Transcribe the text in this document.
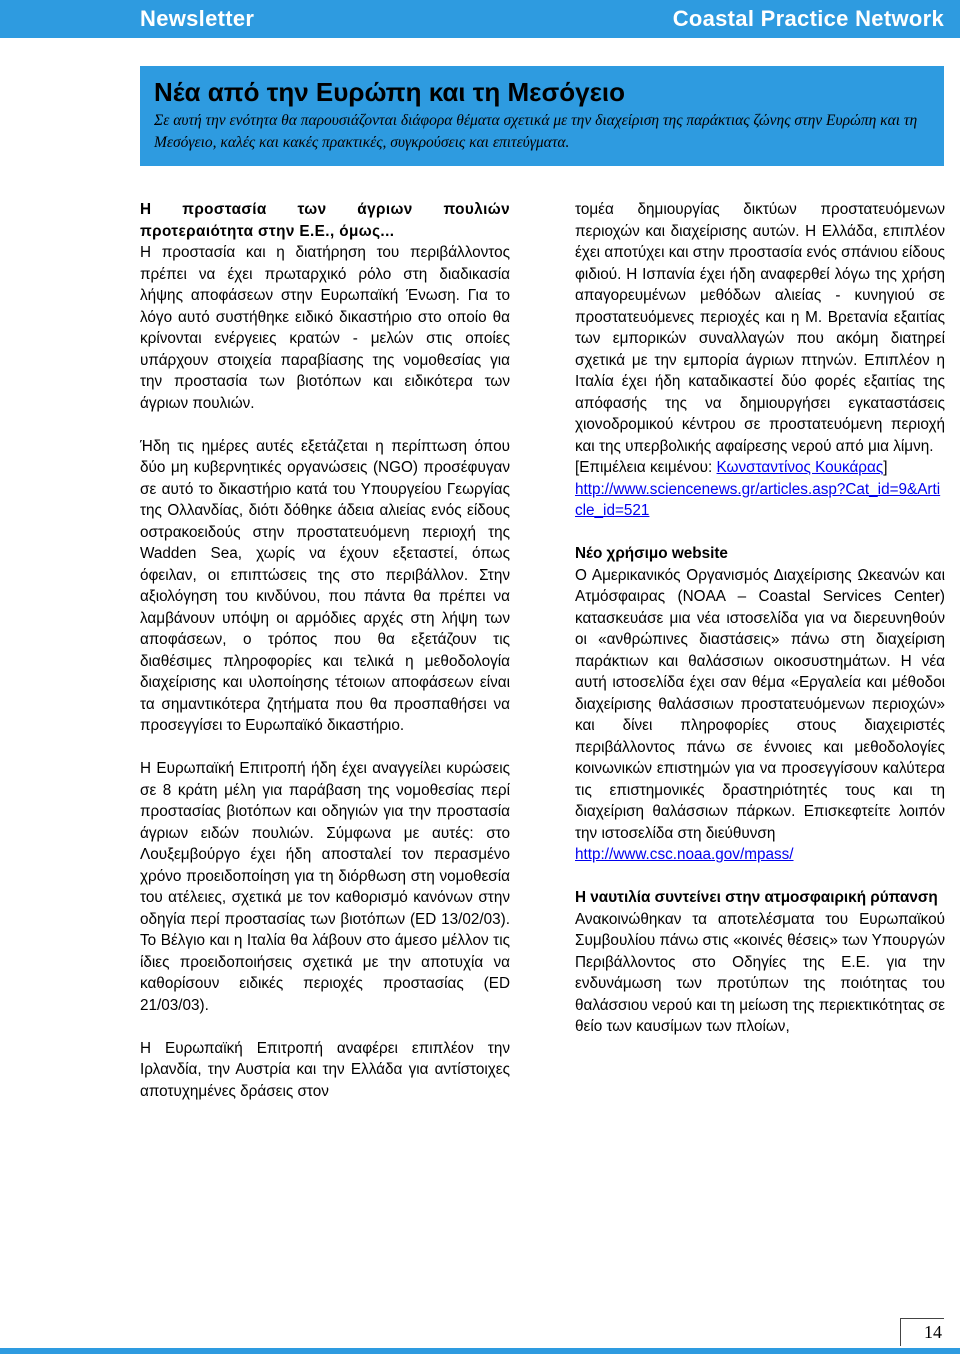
Newsletter	Coastal Practice Network
Νέα από την Ευρώπη και τη Μεσόγειο
Σε αυτή την ενότητα θα παρουσιάζονται διάφορα θέματα σχετικά με την διαχείριση της παράκτιας ζώνης στην Ευρώπη και τη Μεσόγειο, καλές και κακές πρακτικές, συγκρούσεις και επιτεύγματα.
Η προστασία των άγριων πουλιών προτεραιότητα στην Ε.Ε., όμως...

Η προστασία και η διατήρηση του περιβάλλοντος πρέπει να έχει πρωταρχικό ρόλο στη διαδικασία λήψης αποφάσεων στην Ευρωπαϊκή Ένωση. Για το λόγο αυτό συστήθηκε ειδικό δικαστήριο στο οποίο θα κρίνονται ενέργειες κρατών - μελών στις οποίες υπάρχουν στοιχεία παραβίασης της νομοθεσίας για την προστασία των βιοτόπων και ειδικότερα των άγριων πουλιών.

Ήδη τις ημέρες αυτές εξετάζεται η περίπτωση όπου δύο μη κυβερνητικές οργανώσεις (NGO) προσέφυγαν σε αυτό το δικαστήριο κατά του Υπουργείου Γεωργίας της Ολλανδίας, διότι δόθηκε άδεια αλιείας ενός είδους οστρακοειδούς στην προστατευόμενη περιοχή της Wadden Sea, χωρίς να έχουν εξεταστεί, όπως όφειλαν, οι επιπτώσεις της στο περιβάλλον. Στην αξιολόγηση του κινδύνου, που πάντα θα πρέπει να λαμβάνουν υπόψη οι αρμόδιες αρχές στη λήψη των αποφάσεων, ο τρόπος που θα εξετάζουν τις διαθέσιμες πληροφορίες και τελικά η μεθοδολογία διαχείρισης και υλοποίησης τέτοιων αποφάσεων είναι τα σημαντικότερα ζητήματα που θα προσπαθήσει να προσεγγίσει το Ευρωπαϊκό δικαστήριο.

Η Ευρωπαϊκή Επιτροπή ήδη έχει αναγγείλει κυρώσεις σε 8 κράτη μέλη για παράβαση της νομοθεσίας περί προστασίας βιοτόπων και οδηγιών για την προστασία άγριων ειδών πουλιών. Σύμφωνα με αυτές: στο Λουξεμβούργο έχει ήδη αποσταλεί τον περασμένο χρόνο προειδοποίηση για τη διόρθωση στη νομοθεσία του ατέλειες, σχετικά με τον καθορισμό κανόνων στην οδηγία περί προστασίας των βιοτόπων (ED 13/02/03). Το Βέλγιο και η Ιταλία θα λάβουν στο άμεσο μέλλον τις ίδιες προειδοποιήσεις σχετικά με την αποτυχία να καθορίσουν ειδικές περιοχές προστασίας (ED 21/03/03).

Η Ευρωπαϊκή Επιτροπή αναφέρει επιπλέον την Ιρλανδία, την Αυστρία και την Ελλάδα για αντίστοιχες αποτυχημένες δράσεις στον

τομέα δημιουργίας δικτύων προστατευόμενων περιοχών και διαχείρισης αυτών. Η Ελλάδα, επιπλέον έχει αποτύχει και στην προστασία ενός σπάνιου είδους φιδιού. Η Ισπανία έχει ήδη αναφερθεί λόγω της χρήση απαγορευμένων μεθόδων αλιείας - κυνηγιού σε προστατευόμενες περιοχές και η Μ. Βρετανία εξαιτίας των εμπορικών συναλλαγών που ακόμη διατηρεί σχετικά με την εμπορία άγριων πτηνών. Επιπλέον η Ιταλία έχει ήδη καταδικαστεί δύο φορές εξαιτίας της απόφασής της να δημιουργήσει εγκαταστάσεις χιονοδρομικού κέντρου σε προστατευόμενη περιοχή και της υπερβολικής αφαίρεσης νερού από μια λίμνη.

[Επιμέλεια κειμένου: Κωνσταντίνος Κουκάρας]

http://www.sciencenews.gr/articles.asp?Cat_id=9&Article_id=521

Νέο χρήσιμο website

Ο Αμερικανικός Οργανισμός Διαχείρισης Ωκεανών και Ατμόσφαιρας (NOAA – Coastal Services Center) κατασκευάσε μια νέα ιστοσελίδα για να διερευνηθούν οι «ανθρώπινες διαστάσεις» πάνω στη διαχείριση παράκτιων και θαλάσσιων οικοσυστημάτων. Η νέα αυτή ιστοσελίδα έχει σαν θέμα «Εργαλεία και μέθοδοι διαχείρισης θαλάσσιων προστατευόμενων περιοχών» και δίνει πληροφορίες στους διαχειριστές περιβάλλοντος πάνω σε έννοιες και μεθοδολογίες κοινωνικών επιστημών για να προσεγγίσουν καλύτερα τις επιστημονικές δραστηριότητές τους και τη διαχείριση θαλάσσιων πάρκων. Επισκεφτείτε λοιπόν την ιστοσελίδα στη διεύθυνση

http://www.csc.noaa.gov/mpass/

Η ναυτιλία συντείνει στην ατμοσφαιρική ρύπανση

Ανακοινώθηκαν τα αποτελέσματα του Ευρωπαϊκού Συμβουλίου πάνω στις «κοινές θέσεις» των Υπουργών Περιβάλλοντος στο Οδηγίες της Ε.Ε. για την ενδυνάμωση των προτύπων της ποιότητας του θαλάσσιου νερού και τη μείωση της περιεκτικότητας σε θείο των καυσίμων των πλοίων,

14
